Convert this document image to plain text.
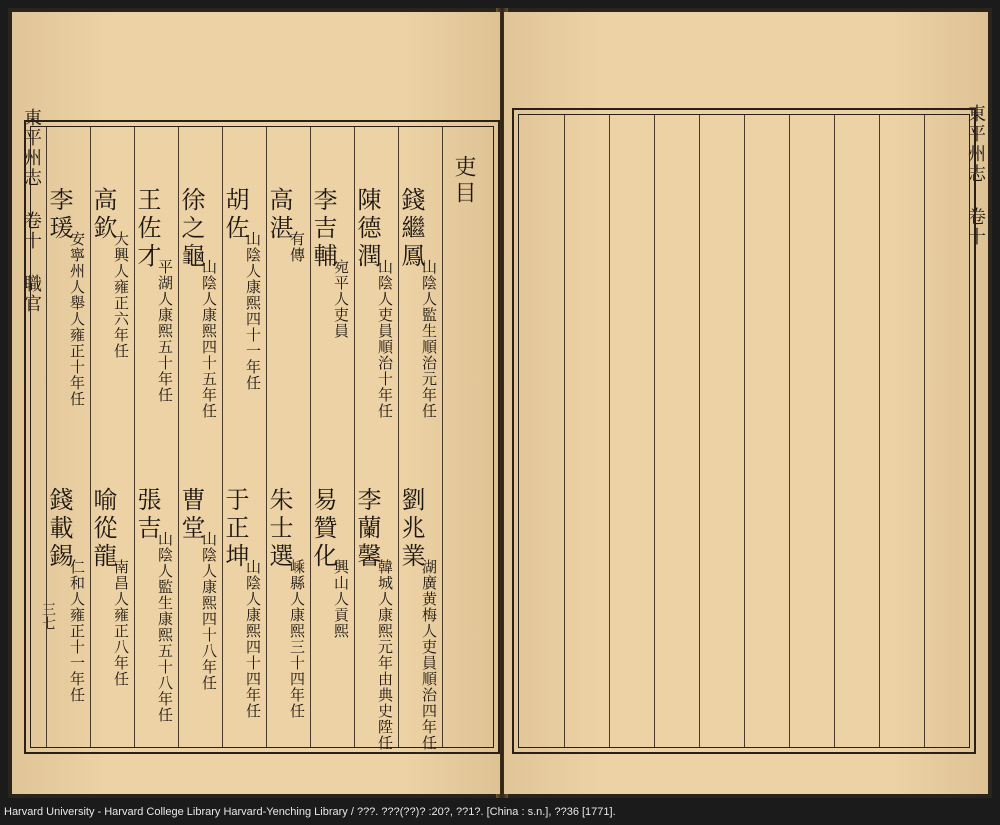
東平州志 卷十 職官
三七
吏目
錢繼鳳
山陰人監生順治元年任
劉兆業
湖廣黄梅人吏員順治四年任
陳德潤
山陰人吏員順治十年任
李蘭馨
韓城人康熙元年由典史陞任
李吉輔
宛平人吏員
易贊化
興山人貢熙
高湛
有傳
朱士選
嵊縣人康熙三十四年任
胡佐
山陰人康熙四十一年任
于正坤
山陰人康熙四十四年任
徐之龜
山陰人康熙四十五年任
曹堂
山陰人康熙四十八年任
王佐才
平湖人康熙五十年任
張吉
山陰人監生康熙五十八年任
高欽
大興人雍正六年任
喻從龍
南昌人雍正八年任
李瑗
安寧州人舉人雍正十年任
錢載錫
仁和人雍正十一年任
東平州志 卷十
Harvard University - Harvard College Library Harvard-Yenching Library / ???. ???(??)? :20?, ??1?. [China : s.n.], ??36 [1771].
